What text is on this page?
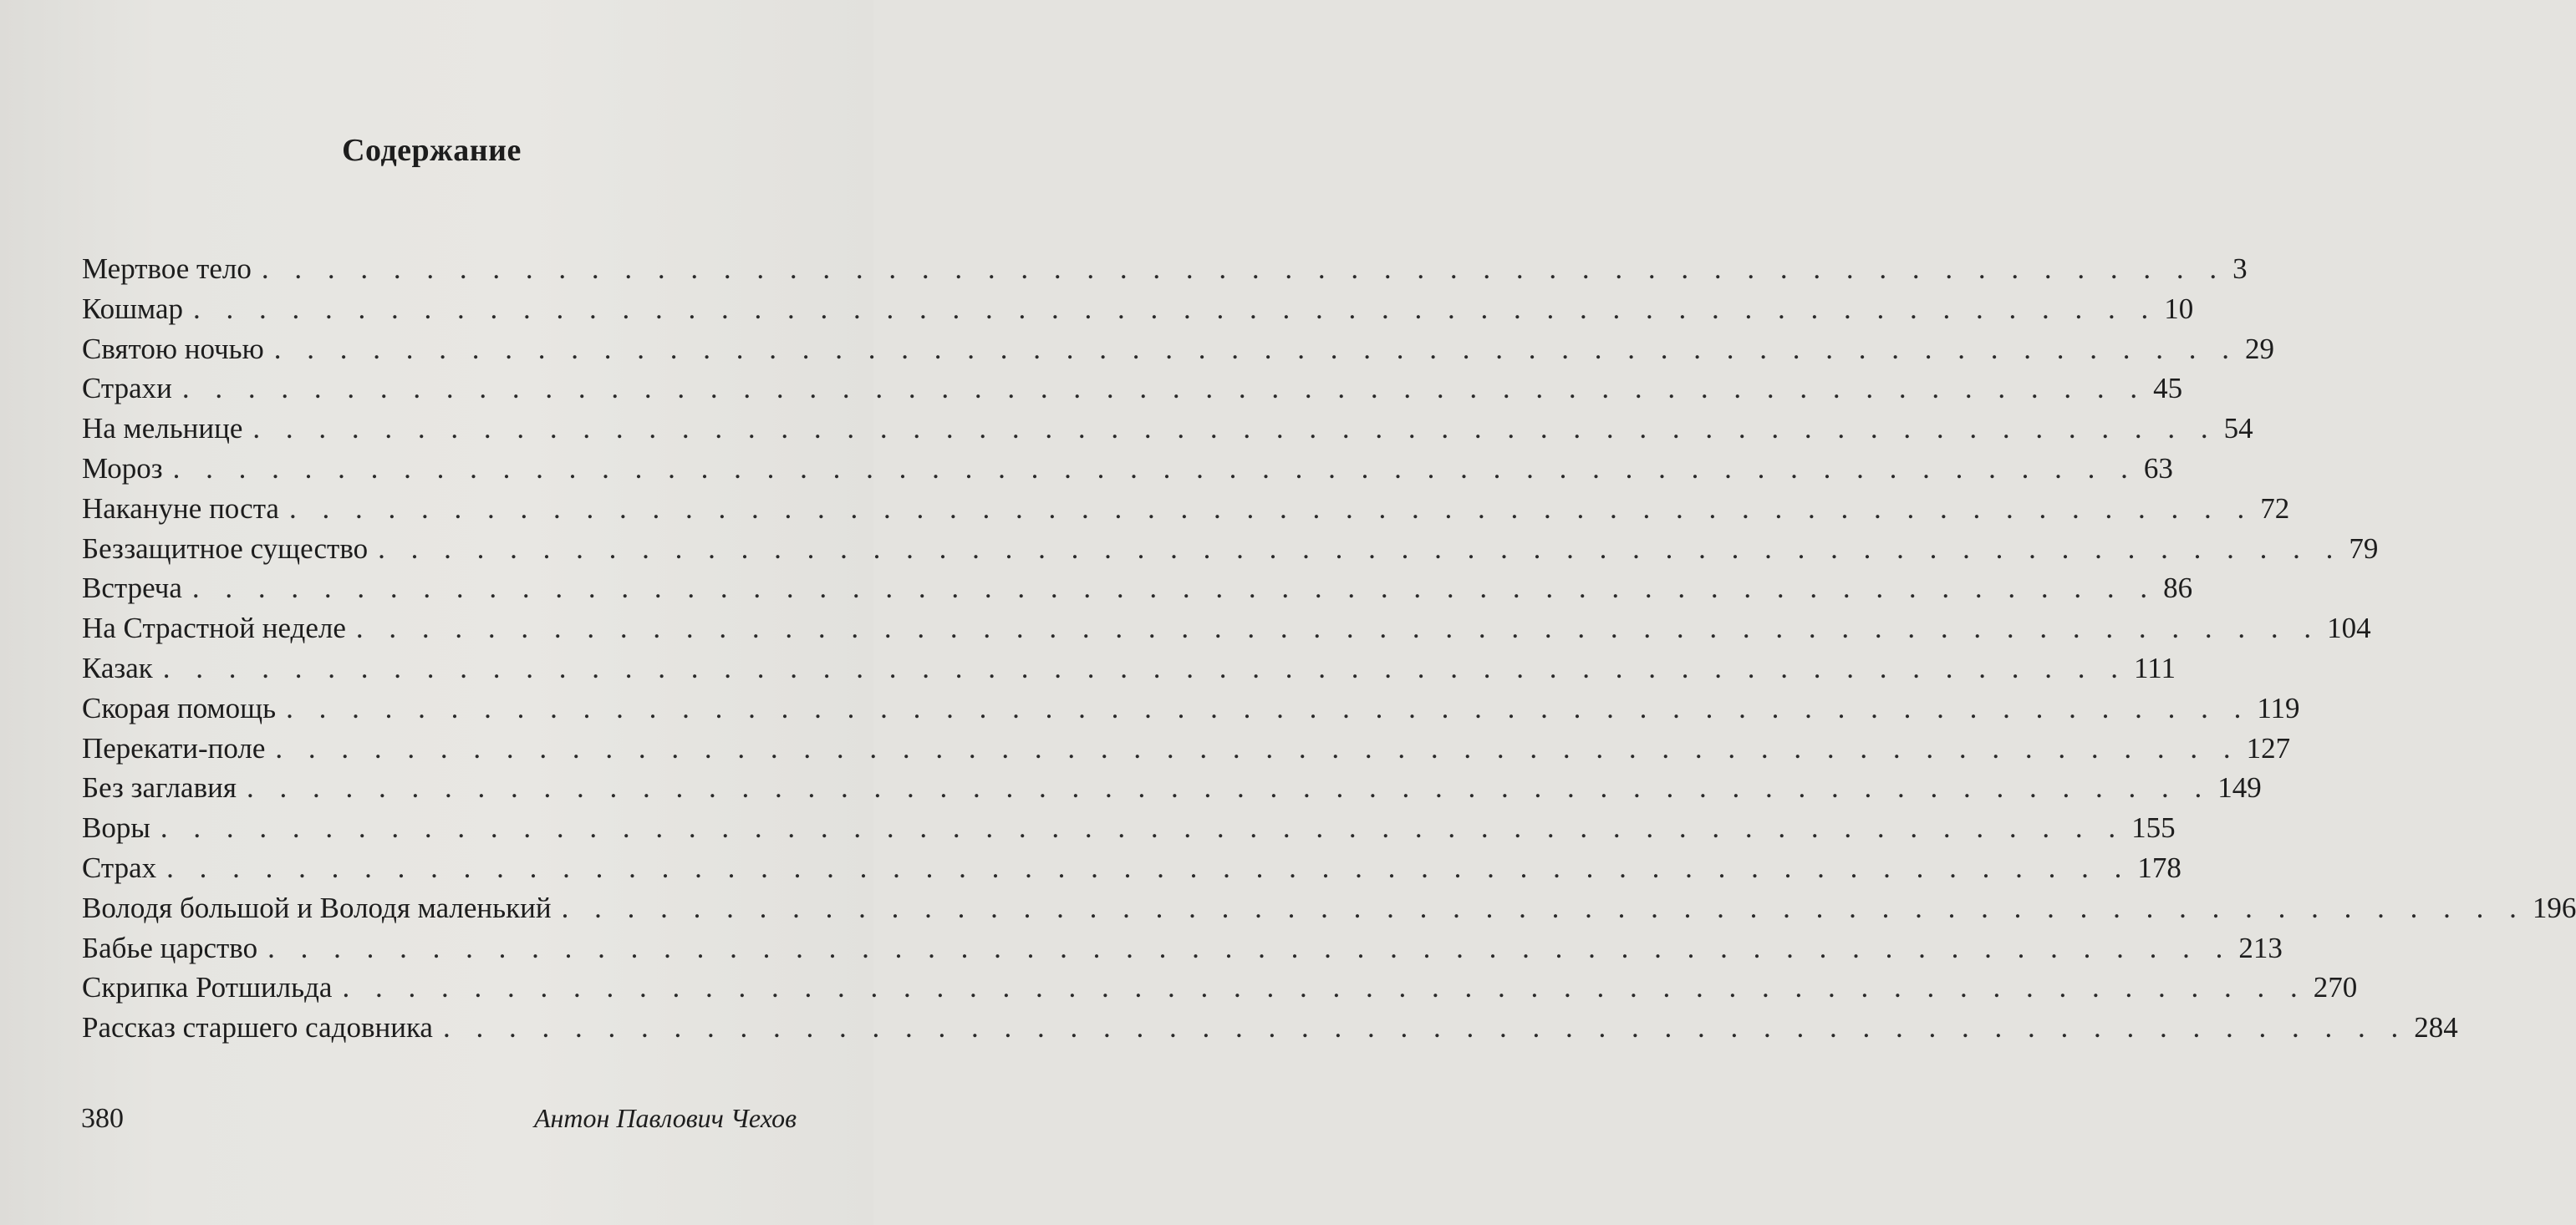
Содержание
Мертвое тело . . . . . . . . . . . . . . . . . . . . . . . . . . . . . . . . . . . . . . . . . . . . . . . . . . . . . . . . . . . . 3
Кошмар . . . . . . . . . . . . . . . . . . . . . . . . . . . . . . . . . . . . . . . . . . . . . . . . . . . . . . . . . . . . 10
Святою ночью . . . . . . . . . . . . . . . . . . . . . . . . . . . . . . . . . . . . . . . . . . . . . . . . . . . . . . . . . . . . 29
Страхи . . . . . . . . . . . . . . . . . . . . . . . . . . . . . . . . . . . . . . . . . . . . . . . . . . . . . . . . . . . . 45
На мельнице . . . . . . . . . . . . . . . . . . . . . . . . . . . . . . . . . . . . . . . . . . . . . . . . . . . . . . . . . . . . 54
Мороз . . . . . . . . . . . . . . . . . . . . . . . . . . . . . . . . . . . . . . . . . . . . . . . . . . . . . . . . . . . . 63
Накануне поста . . . . . . . . . . . . . . . . . . . . . . . . . . . . . . . . . . . . . . . . . . . . . . . . . . . . . . . . . . . . 72
Беззащитное существо . . . . . . . . . . . . . . . . . . . . . . . . . . . . . . . . . . . . . . . . . . . . . . . . . . . . . . . . . . . . 79
Встреча . . . . . . . . . . . . . . . . . . . . . . . . . . . . . . . . . . . . . . . . . . . . . . . . . . . . . . . . . . . . 86
На Страстной неделе . . . . . . . . . . . . . . . . . . . . . . . . . . . . . . . . . . . . . . . . . . . . . . . . . . . . . . . . . . . . 104
Казак . . . . . . . . . . . . . . . . . . . . . . . . . . . . . . . . . . . . . . . . . . . . . . . . . . . . . . . . . . . . 111
Скорая помощь . . . . . . . . . . . . . . . . . . . . . . . . . . . . . . . . . . . . . . . . . . . . . . . . . . . . . . . . . . . . 119
Перекати-поле . . . . . . . . . . . . . . . . . . . . . . . . . . . . . . . . . . . . . . . . . . . . . . . . . . . . . . . . . . . . 127
Без заглавия . . . . . . . . . . . . . . . . . . . . . . . . . . . . . . . . . . . . . . . . . . . . . . . . . . . . . . . . . . . . 149
Воры . . . . . . . . . . . . . . . . . . . . . . . . . . . . . . . . . . . . . . . . . . . . . . . . . . . . . . . . . . . . 155
Страх . . . . . . . . . . . . . . . . . . . . . . . . . . . . . . . . . . . . . . . . . . . . . . . . . . . . . . . . . . . . 178
Володя большой и Володя маленький . . . . . . . . . . . . . . . . . . . . . . . . . . . . . . . . . . . . . . . . . . . . . . . . . . . . . . . . . . . . 196
Бабье царство . . . . . . . . . . . . . . . . . . . . . . . . . . . . . . . . . . . . . . . . . . . . . . . . . . . . . . . . . . . . 213
Скрипка Ротшильда . . . . . . . . . . . . . . . . . . . . . . . . . . . . . . . . . . . . . . . . . . . . . . . . . . . . . . . . . . . . 270
Рассказ старшего садовника . . . . . . . . . . . . . . . . . . . . . . . . . . . . . . . . . . . . . . . . . . . . . . . . . . . . . . . . . . . . 284
380	Антон Павлович Чехов
